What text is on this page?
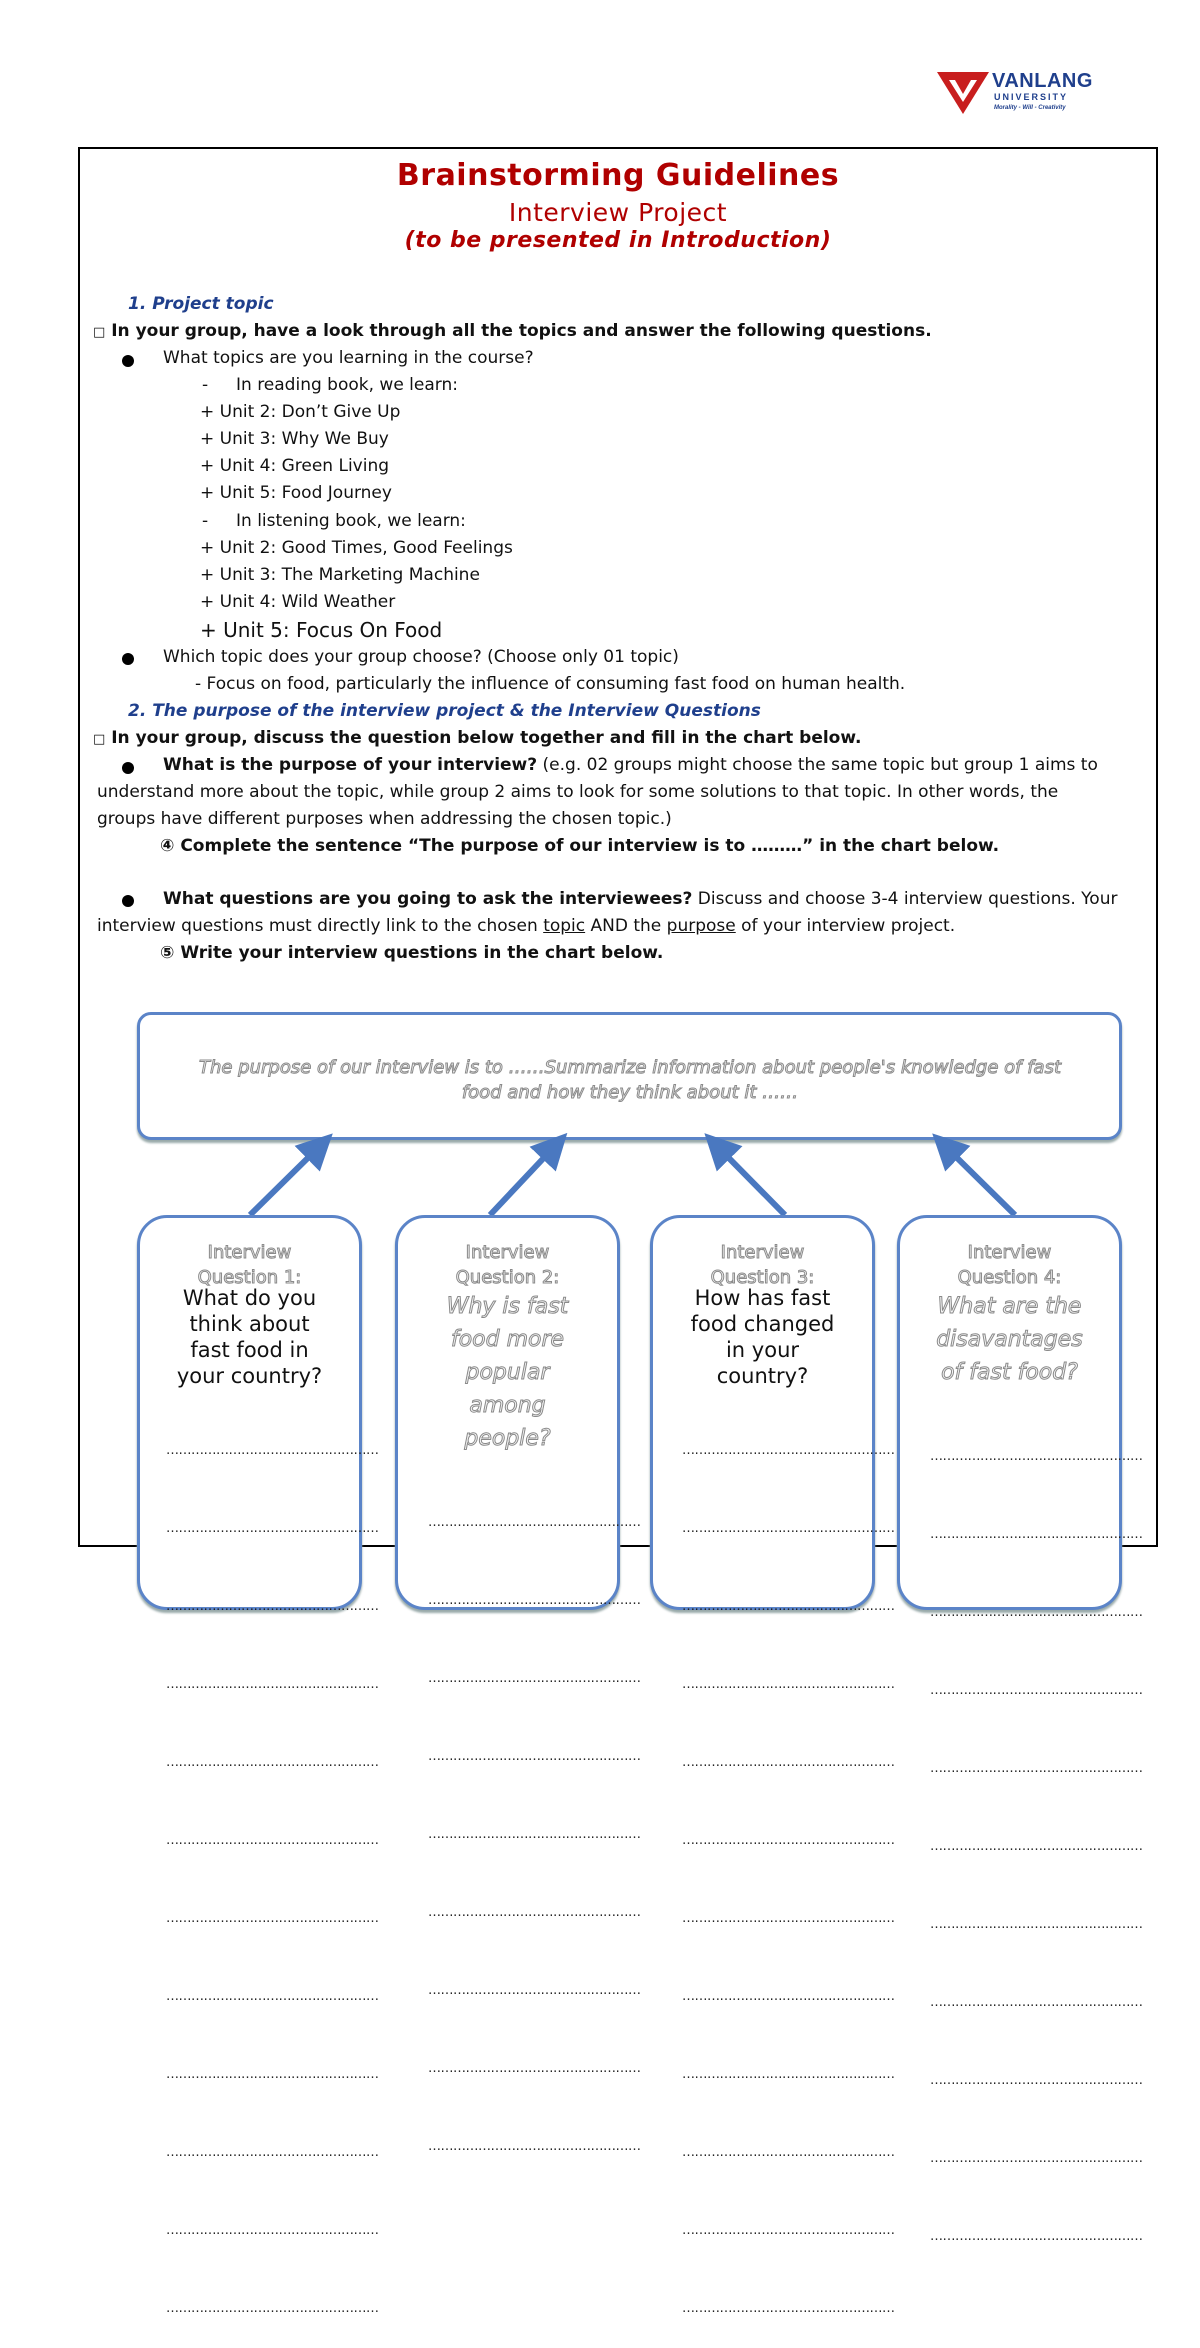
VANLANG
UNIVERSITY
Morality - Will - Creativity
Brainstorming Guidelines
Interview Project
(to be presented in Introduction)
1. Project topic
□ In your group, have a look through all the topics and answer the following questions.
What topics are you learning in the course?
- In reading book, we learn:
+ Unit 2: Don’t Give Up
+ Unit 3: Why We Buy
+ Unit 4: Green Living
+ Unit 5: Food Journey
- In listening book, we learn:
+ Unit 2: Good Times, Good Feelings
+ Unit 3: The Marketing Machine
+ Unit 4: Wild Weather
+ Unit 5: Focus On Food
Which topic does your group choose? (Choose only 01 topic)
- Focus on food, particularly the influence of consuming fast food on human health.
2. The purpose of the interview project & the Interview Questions
□ In your group, discuss the question below together and fill in the chart below.
What is the purpose of your interview? (e.g. 02 groups might choose the same topic but group 1 aims to
understand more about the topic, while group 2 aims to look for some solutions to that topic. In other words, the
groups have different purposes when addressing the chosen topic.)
④ Complete the sentence “The purpose of our interview is to ………” in the chart below.
What questions are you going to ask the interviewees? Discuss and choose 3-4 interview questions. Your
interview questions must directly link to the chosen topic AND the purpose of your interview project.
⑤ Write your interview questions in the chart below.
The purpose of our interview is to ……Summarize information about people's knowledge of fast
food and how they think about it ……
Interview
Question 1:
What do you
think about
fast food in
your country?

……………………………………………

……………………………………………

……………………………………………

……………………………………………

……………………………………………

……………………………………………

……………………………………………

……………………………………………

……………………………………………

……………………………………………

……………………………………………

……………………………………………

Interview
Question 2:
Why is fast
food more
popular
among
people?

……………………………………………

……………………………………………

……………………………………………

……………………………………………

……………………………………………

……………………………………………

……………………………………………

……………………………………………

……………………………………………

Interview
Question 3:
How has fast
food changed
in your
country?

……………………………………………

……………………………………………

……………………………………………

……………………………………………

……………………………………………

……………………………………………

……………………………………………

……………………………………………

……………………………………………

……………………………………………

……………………………………………

……………………………………………

Interview
Question 4:
What are the
disavantages
of fast food?

……………………………………………

……………………………………………

……………………………………………

……………………………………………

……………………………………………

……………………………………………

……………………………………………

……………………………………………

……………………………………………

……………………………………………

……………………………………………
